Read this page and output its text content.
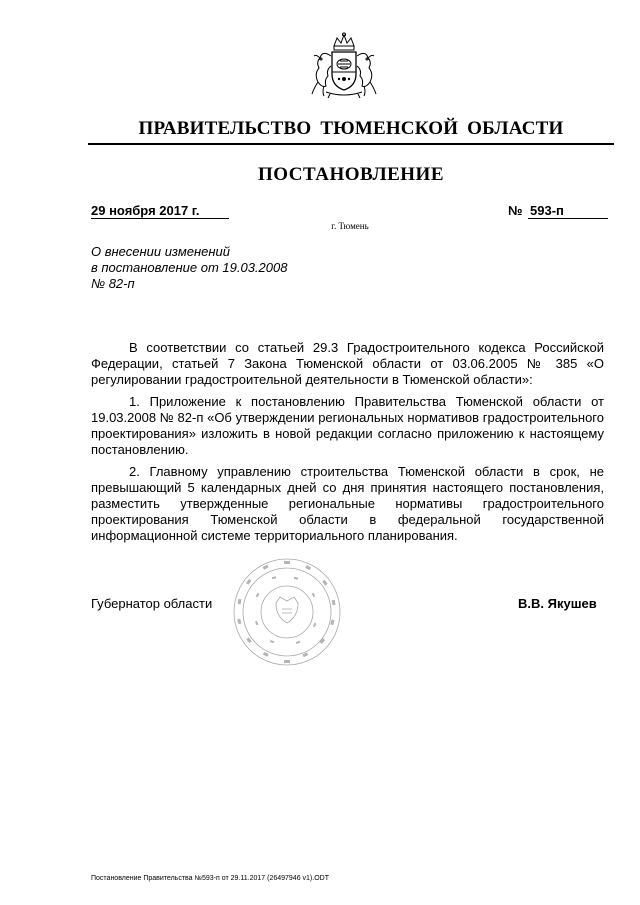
ПРАВИТЕЛЬСТВО ТЮМЕНСКОЙ ОБЛАСТИ
ПОСТАНОВЛЕНИЕ
29 ноября 2017 г.	№ 593-п
г. Тюмень
О внесении изменений
в постановление от 19.03.2008
№ 82-п

В соответствии со статьей 29.3 Градостроительного кодекса Российской Федерации, статьей 7 Закона Тюменской области от 03.06.2005 № 385 «О регулировании градостроительной деятельности в Тюменской области»:

1. Приложение к постановлению Правительства Тюменской области от 19.03.2008 № 82-п «Об утверждении региональных нормативов градостроительного проектирования» изложить в новой редакции согласно приложению к настоящему постановлению.

2. Главному управлению строительства Тюменской области в срок, не превышающий 5 календарных дней со дня принятия настоящего постановления, разместить утвержденные региональные нормативы градостроительного проектирования Тюменской области в федеральной государственной информационной системе территориального планирования.

Губернатор области	В.В. Якушев
Постановление Правительства №593-п от 29.11.2017 (26497946 v1).ODT
